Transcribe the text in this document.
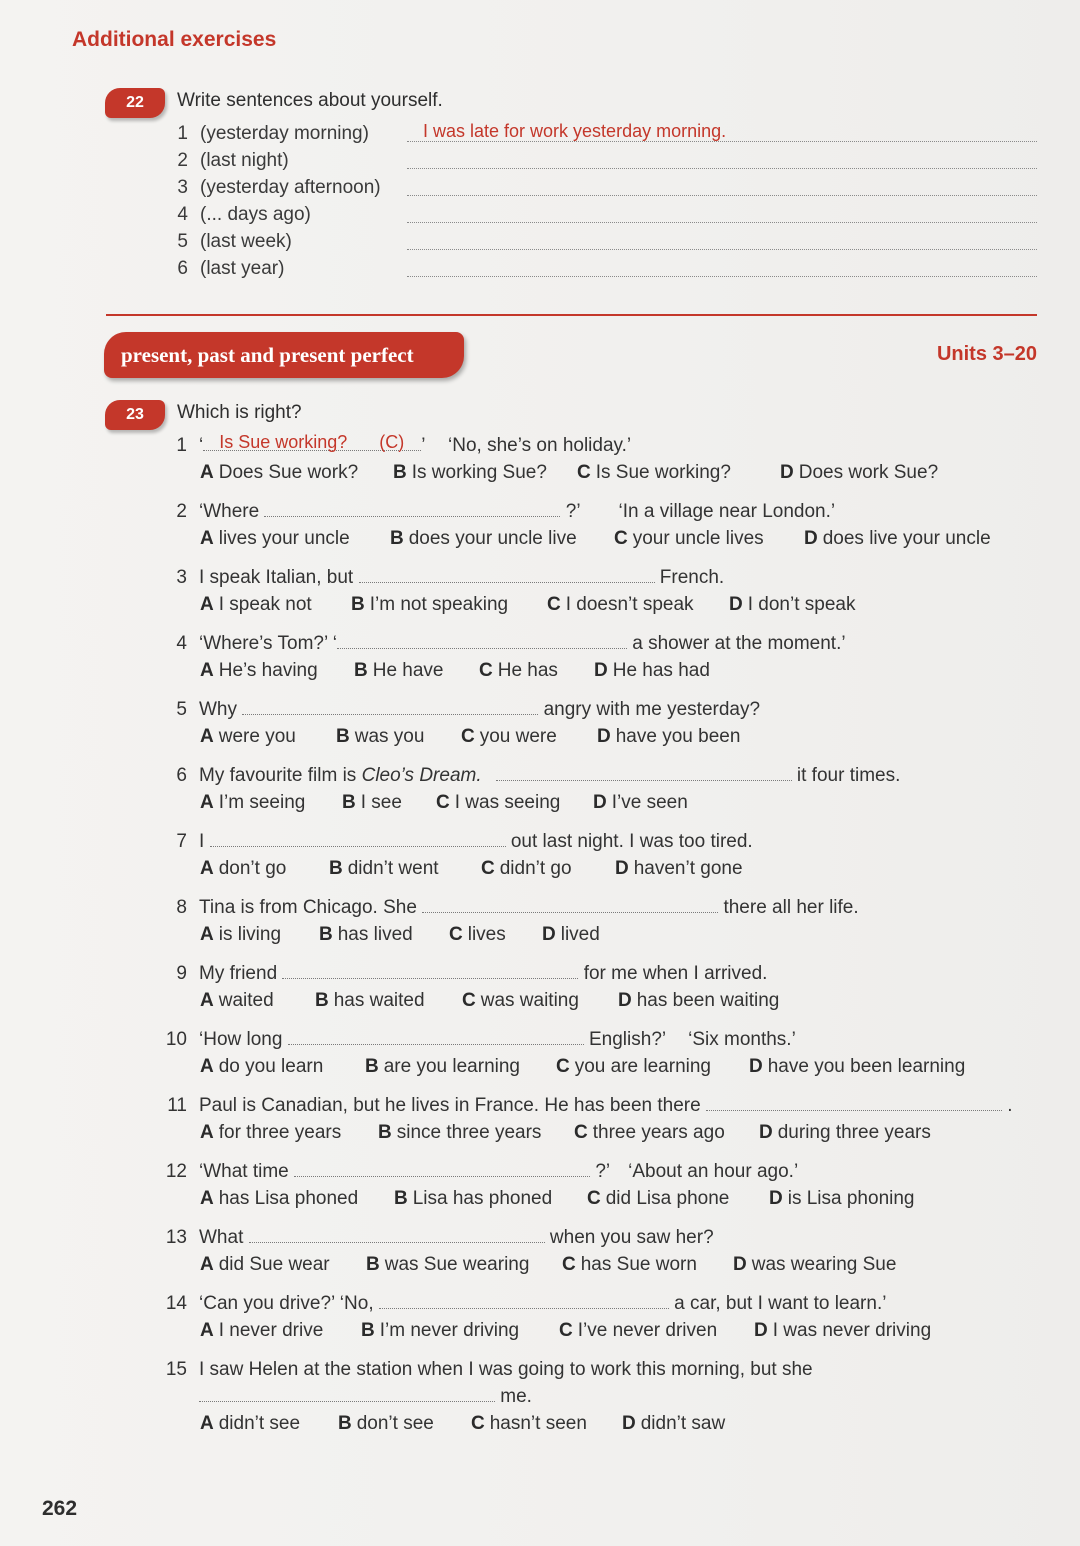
Additional exercises
22	Write sentences about yourself.
1 (yesterday morning)	I was late for work yesterday morning.
2 (last night)
3 (yesterday afternoon)
4 (... days ago)
5 (last week)
6 (last year)
present, past and present perfect	Units 3–20
23	Which is right?
1 ‘ Is Sue working? (C) ’ ‘No, she’s on holiday.’
A Does Sue work? B Is working Sue? C Is Sue working?	D Does work Sue?
2 ‘Where	?’ ‘In a village near London.’
A lives your uncle B does your uncle live C your uncle lives D does live your uncle
3 I speak Italian, but	French.
A I speak not B I’m not speaking C I doesn’t speak D I don’t speak
4 ‘Where’s Tom?’ ‘	a shower at the moment.’
A He’s having B He have C He has D He has had
5 Why	angry with me yesterday?
A were you B was you C you were D have you been
6 My favourite film is Cleo’s Dream.	it four times.
A I’m seeing B I see C I was seeing D I’ve seen
7 I	out last night. I was too tired.
A don’t go B didn’t went C didn’t go D haven’t gone
8 Tina is from Chicago. She	there all her life.
A is living B has lived C lives D lived
9 My friend	for me when I arrived.
A waited B has waited C was waiting D has been waiting
10 ‘How long	English?’ ‘Six months.’
A do you learn B are you learning C you are learning D have you been learning
11 Paul is Canadian, but he lives in France. He has been there	.
A for three years B since three years C three years ago D during three years
12 ‘What time	?’ ‘About an hour ago.’
A has Lisa phoned B Lisa has phoned C did Lisa phone D is Lisa phoning
13 What	when you saw her?
A did Sue wear B was Sue wearing C has Sue worn D was wearing Sue
14 ‘Can you drive?’ ‘No,	a car, but I want to learn.’
A I never drive B I’m never driving C I’ve never driven D I was never driving
15 I saw Helen at the station when I was going to work this morning, but she
me.
A didn’t see B don’t see C hasn’t seen D didn’t saw
262
